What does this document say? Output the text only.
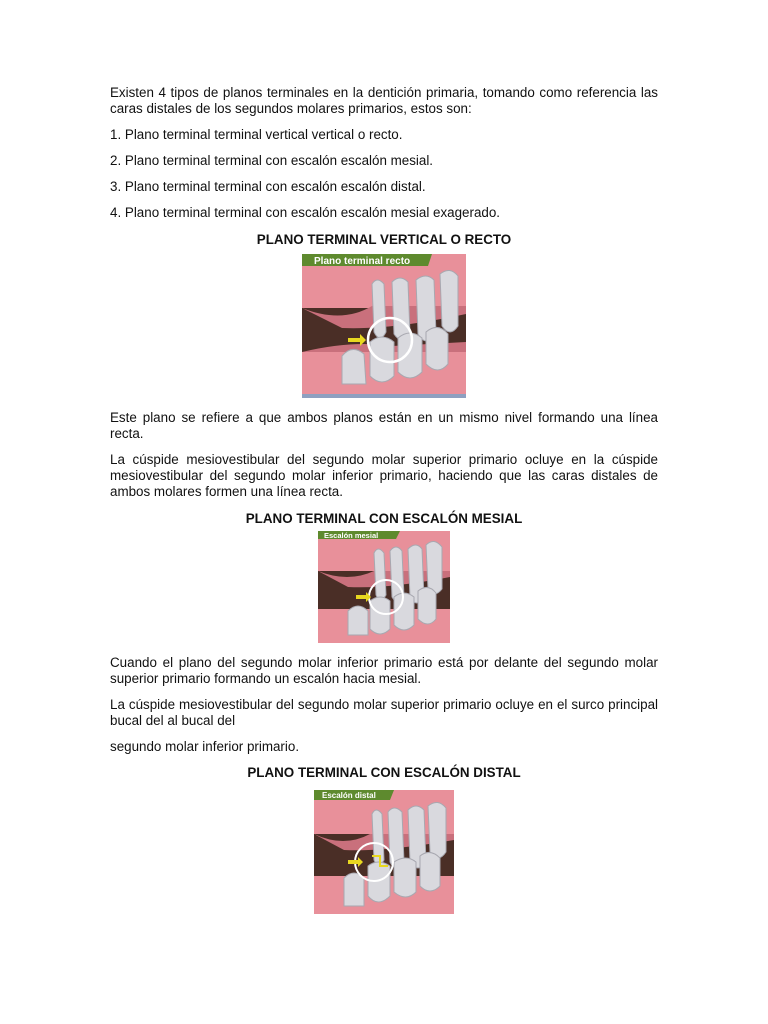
Existen 4 tipos de planos terminales en la dentición primaria, tomando como referencia las caras distales de los segundos molares primarios, estos son:

1. Plano terminal terminal vertical vertical o recto.

2. Plano terminal terminal con escalón escalón mesial.

3. Plano terminal terminal con escalón escalón distal.

4. Plano terminal terminal con escalón escalón mesial exagerado.

PLANO TERMINAL VERTICAL O RECTO

Plano terminal recto

Este plano se refiere a que ambos planos están en un mismo nivel formando una línea recta.

La cúspide mesiovestibular del segundo molar superior primario ocluye en la cúspide mesiovestibular del segundo molar inferior primario, haciendo que las caras distales de ambos molares formen una línea recta.

PLANO TERMINAL CON ESCALÓN MESIAL

Escalón mesial

Cuando el plano del segundo molar inferior primario está por delante del segundo molar superior primario formando un escalón hacia mesial.

La cúspide mesiovestibular del segundo molar superior primario ocluye en el surco principal bucal del al bucal del

segundo molar inferior primario.

PLANO TERMINAL CON ESCALÓN DISTAL

Escalón distal
